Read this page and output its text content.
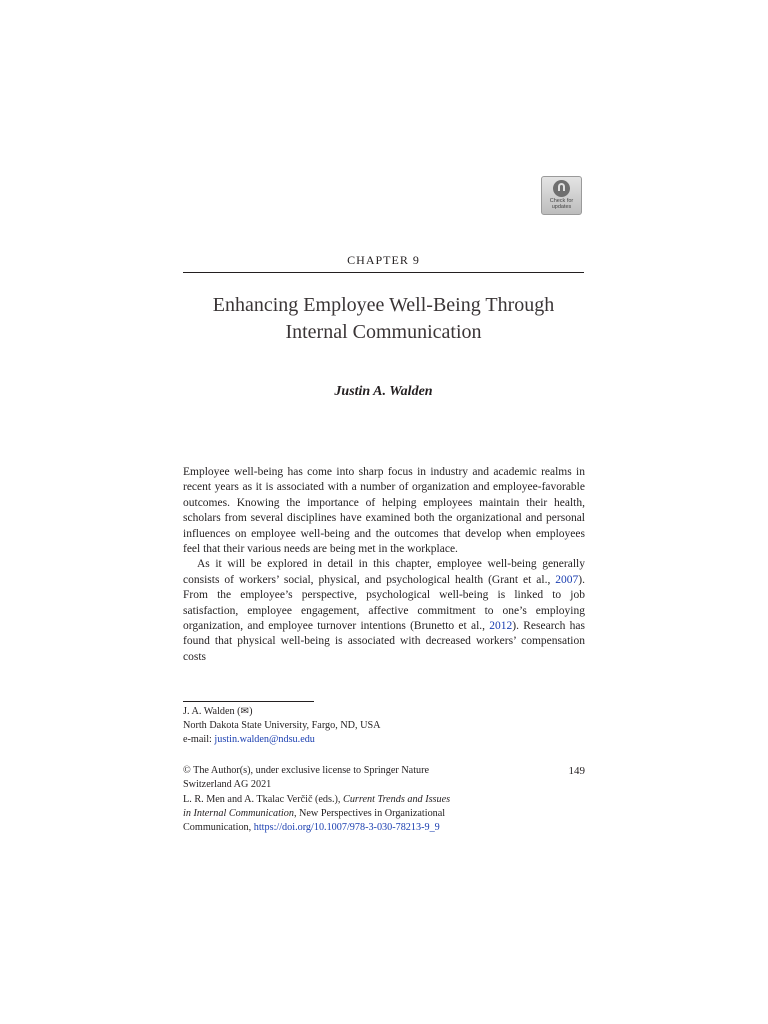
Check for updates
CHAPTER 9
Enhancing Employee Well-Being Through
Internal Communication
Justin A. Walden

Employee well-being has come into sharp focus in industry and academic realms in recent years as it is associated with a number of organization and employee-favorable outcomes. Knowing the importance of helping employees maintain their health, scholars from several disciplines have examined both the organizational and personal influences on employee well-being and the outcomes that develop when employees feel that their various needs are being met in the workplace.

As it will be explored in detail in this chapter, employee well-being generally consists of workers’ social, physical, and psychological health (Grant et al., 2007). From the employee’s perspective, psychological well-being is linked to job satisfaction, employee engagement, affective commitment to one’s employing organization, and employee turnover intentions (Brunetto et al., 2012). Research has found that physical well-being is associated with decreased workers’ compensation costs

J. A. Walden (✉)
North Dakota State University, Fargo, ND, USA
e-mail: justin.walden@ndsu.edu
© The Author(s), under exclusive license to Springer Nature	149
Switzerland AG 2021
L. R. Men and A. Tkalac Verčič (eds.), Current Trends and Issues
in Internal Communication, New Perspectives in Organizational
Communication, https://doi.org/10.1007/978-3-030-78213-9_9
